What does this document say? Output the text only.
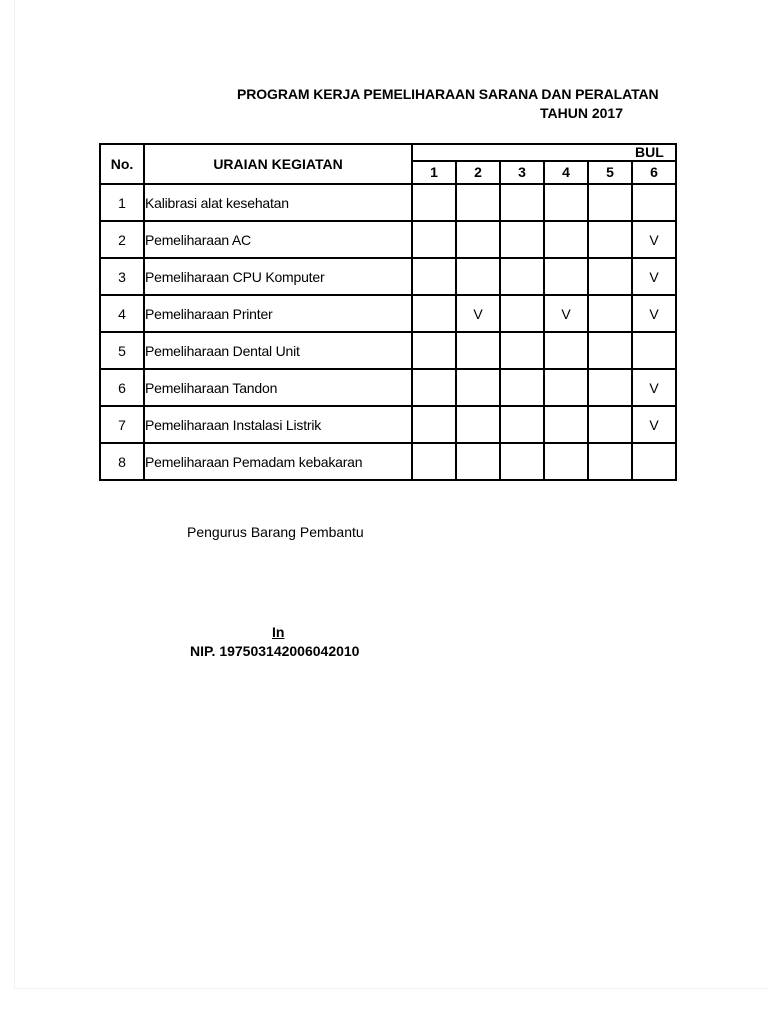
PROGRAM KERJA PEMELIHARAAN SARANA DAN PERALATAN
TAHUN 2017
No.	URAIAN KEGIATAN	BUL					
		1	2	3	4	5	6
1	Kalibrasi alat kesehatan						
2	Pemeliharaan AC						V
3	Pemeliharaan CPU Komputer						V
4	Pemeliharaan Printer		V		V		V
5	Pemeliharaan Dental Unit						
6	Pemeliharaan Tandon						V
7	Pemeliharaan Instalasi Listrik						V
8	Pemeliharaan Pemadam kebakaran						
Pengurus Barang Pembantu
In
NIP. 197503142006042010
